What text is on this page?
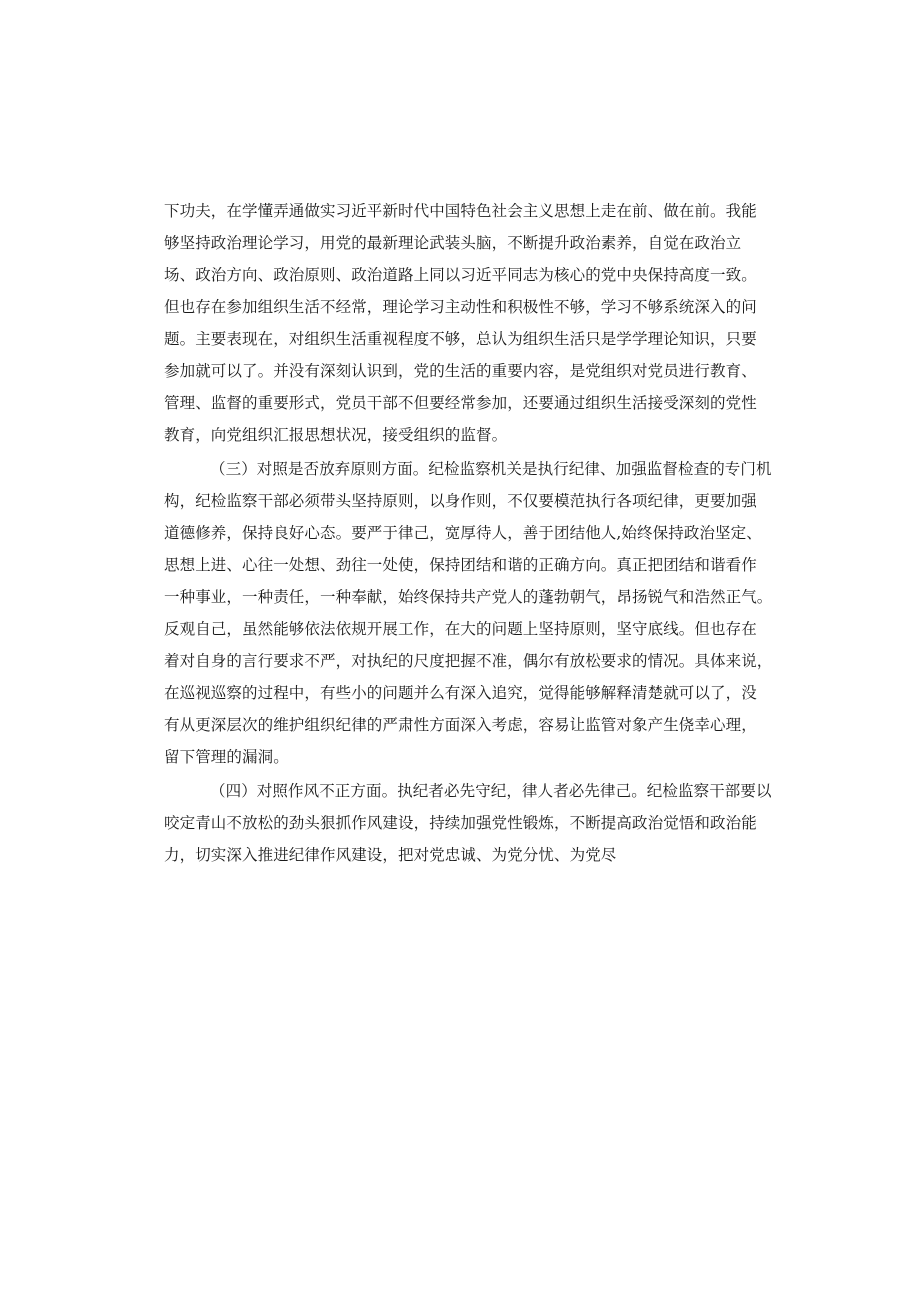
下功夫，在学懂弄通做实习近平新时代中国特色社会主义思想上走在前、做在前。我能
够坚持政治理论学习，用党的最新理论武装头脑，不断提升政治素养，自觉在政治立
场、政治方向、政治原则、政治道路上同以习近平同志为核心的党中央保持高度一致。
但也存在参加组织生活不经常，理论学习主动性和积极性不够，学习不够系统深入的问
题。主要表现在，对组织生活重视程度不够，总认为组织生活只是学学理论知识，只要
参加就可以了。并没有深刻认识到，党的生活的重要内容，是党组织对党员进行教育、
管理、监督的重要形式，党员干部不但要经常参加，还要通过组织生活接受深刻的党性
教育，向党组织汇报思想状况，接受组织的监督。
（三）对照是否放弃原则方面。纪检监察机关是执行纪律、加强监督检查的专门机
构，纪检监察干部必须带头坚持原则，以身作则，不仅要模范执行各项纪律，更要加强
道德修养，保持良好心态。要严于律己，宽厚待人，善于团结他人,始终保持政治坚定、
思想上进、心往一处想、劲往一处使，保持团结和谐的正确方向。真正把团结和谐看作
一种事业，一种责任，一种奉献，始终保持共产党人的蓬勃朝气，昂扬锐气和浩然正气。
反观自己，虽然能够依法依规开展工作，在大的问题上坚持原则，坚守底线。但也存在
着对自身的言行要求不严，对执纪的尺度把握不准，偶尔有放松要求的情况。具体来说，
在巡视巡察的过程中，有些小的问题并么有深入追究，觉得能够解释清楚就可以了，没
有从更深层次的维护组织纪律的严肃性方面深入考虑，容易让监管对象产生侥幸心理，
留下管理的漏洞。
（四）对照作风不正方面。执纪者必先守纪，律人者必先律己。纪检监察干部要以
咬定青山不放松的劲头狠抓作风建设，持续加强党性锻炼，不断提高政治觉悟和政治能
力，切实深入推进纪律作风建设，把对党忠诚、为党分忧、为党尽
